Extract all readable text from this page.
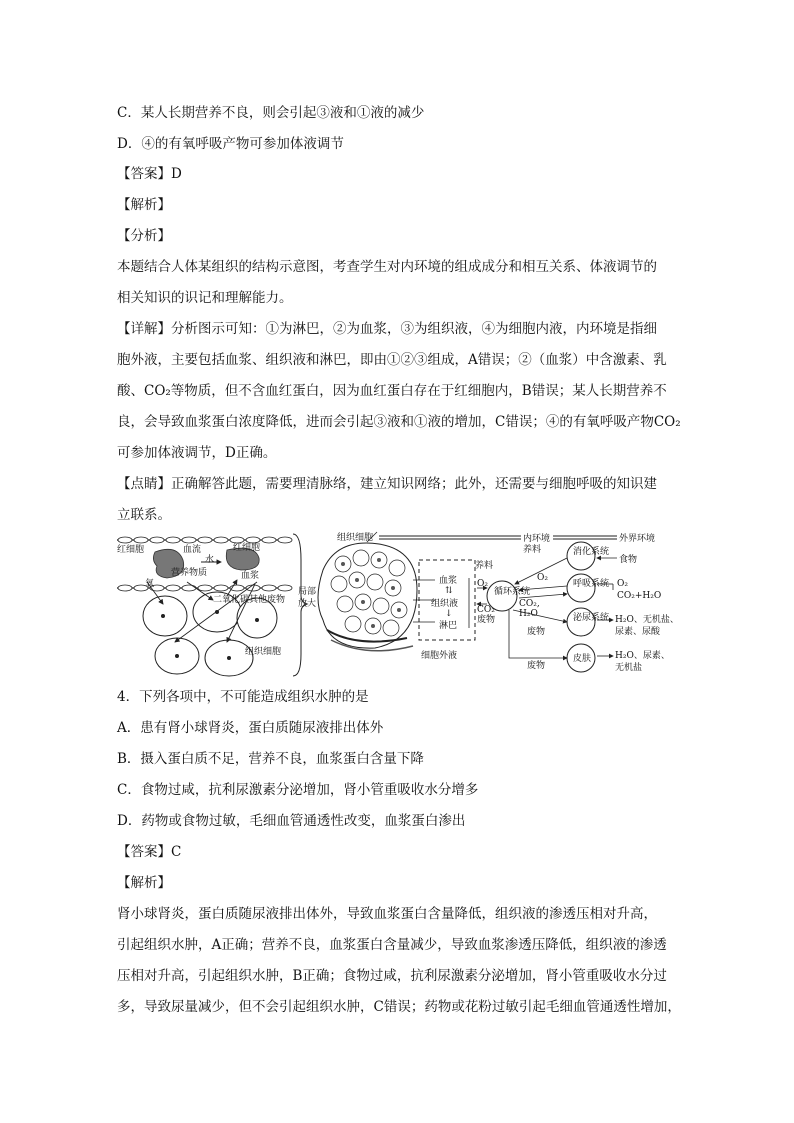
C．某人长期营养不良，则会引起③液和①液的减少
D．④的有氧呼吸产物可参加体液调节
【答案】D
【解析】
【分析】
本题结合人体某组织的结构示意图，考查学生对内环境的组成成分和相互关系、体液调节的
相关知识的识记和理解能力。
【详解】分析图示可知：①为淋巴，②为血浆，③为组织液，④为细胞内液，内环境是指细
胞外液，主要包括血浆、组织液和淋巴，即由①②③组成，A错误；②（血浆）中含激素、乳
酸、CO₂等物质，但不含血红蛋白，因为血红蛋白存在于红细胞内，B错误；某人长期营养不
良，会导致血浆蛋白浓度降低，进而会引起③液和①液的增加，C错误；④的有氧呼吸产物CO₂
可参加体液调节，D正确。
【点睛】正确解答此题，需要理清脉络，建立知识网络；此外，还需要与细胞呼吸的知识建
立联系。
红细胞	血流	红细胞
水
营养物质	血浆
氧
二氧化碳其他废物
组织细胞
局部
放大
组织细胞
血浆
⇅
组织液
↓
淋巴
细胞外液
内环境	外界环境
循环系统
养料
O₂
CO₂
废物
消化系统
养料
食物
呼吸系统
O₂
CO₂,
H₂O
O₂
CO₂+H₂O
泌尿系统
废物
H₂O、无机盐、
尿素、尿酸
皮肤
废物
H₂O、尿素、
无机盐
4．下列各项中，不可能造成组织水肿的是
A．患有肾小球肾炎，蛋白质随尿液排出体外
B．摄入蛋白质不足，营养不良，血浆蛋白含量下降
C．食物过咸，抗利尿激素分泌增加，肾小管重吸收水分增多
D．药物或食物过敏，毛细血管通透性改变，血浆蛋白渗出
【答案】C
【解析】
肾小球肾炎，蛋白质随尿液排出体外，导致血浆蛋白含量降低，组织液的渗透压相对升高，
引起组织水肿，A正确；营养不良，血浆蛋白含量减少，导致血浆渗透压降低，组织液的渗透
压相对升高，引起组织水肿，B正确；食物过咸，抗利尿激素分泌增加，肾小管重吸收水分过
多，导致尿量减少，但不会引起组织水肿，C错误；药物或花粉过敏引起毛细血管通透性增加，
